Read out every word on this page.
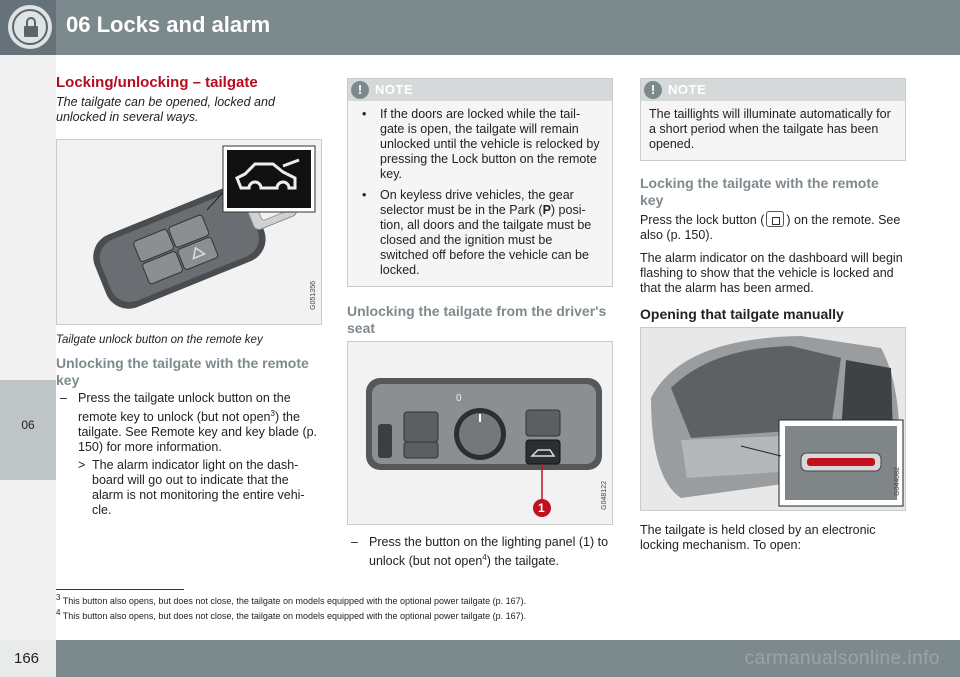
06 Locks and alarm
06
Locking/unlocking – tailgate

The tailgate can be opened, locked and unlocked in several ways.

G051356

Tailgate unlock button on the remote key

Unlocking the tailgate with the remote key
– Press the tailgate unlock button on the remote key to unlock (but not open$^3$) the tailgate. See Remote key and key blade (p. 150) for more information.
> The alarm indicator light on the dash-board will go out to indicate that the alarm is not monitoring the entire vehi-cle.
! NOTE
• If the doors are locked while the tail-gate is open, the tailgate will remain unlocked until the vehicle is relocked by pressing the Lock button on the remote key.
• On keyless drive vehicles, the gear selector must be in the Park (P) posi-tion, all doors and the tailgate must be closed and the ignition must be switched off before the vehicle can be locked.
Unlocking the tailgate from the driver's seat
0
1	G048122
– Press the button on the lighting panel (1) to unlock (but not open$^4$) the tailgate.
! NOTE
The taillights will illuminate automatically for a short period when the tailgate has been opened.
Locking the tailgate with the remote key

Press the lock button ( ) on the remote. See also (p. 150).

The alarm indicator on the dashboard will begin flashing to show that the vehicle is locked and that the alarm has been armed.

Opening that tailgate manually
G044082

The tailgate is held closed by an electronic locking mechanism. To open:

$^3$ This button also opens, but does not close, the tailgate on models equipped with the optional power tailgate (p. 167).
$^4$ This button also opens, but does not close, the tailgate on models equipped with the optional power tailgate (p. 167).
166	carmanualsonline.info
